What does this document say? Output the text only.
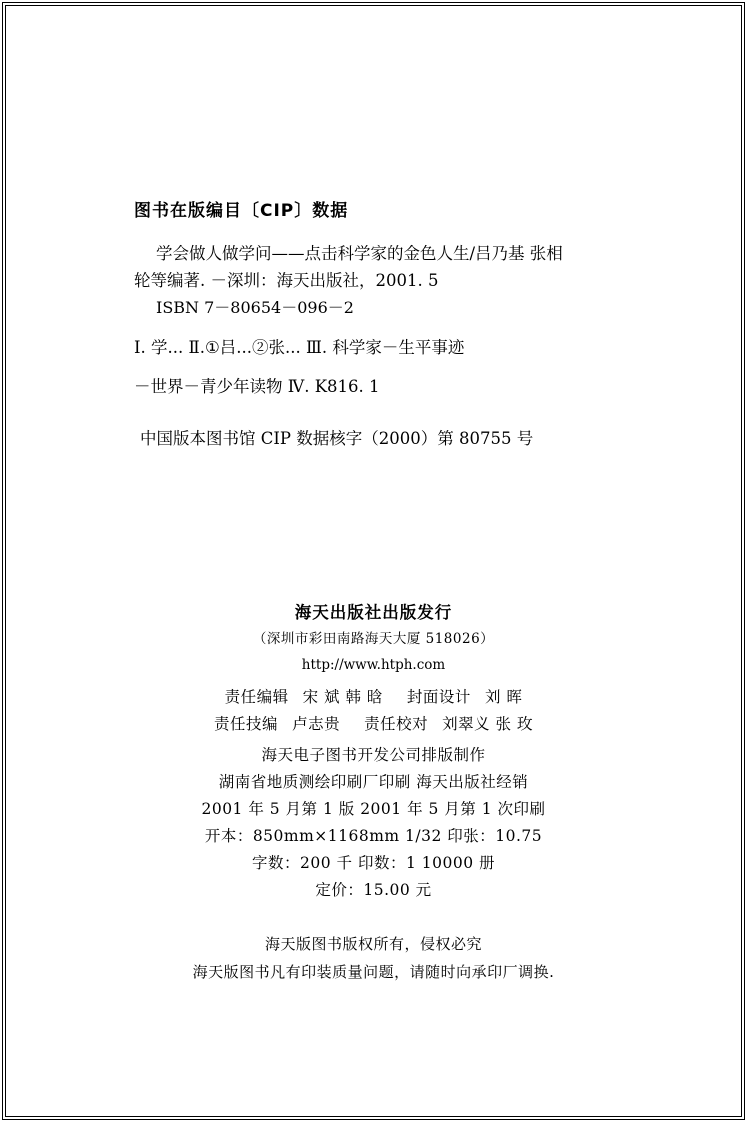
图书在版编目〔CIP〕数据
学会做人做学问——点击科学家的金色人生/吕乃基 张相
轮等编著. －深圳：海天出版社，2001. 5
ISBN 7－80654－096－2
Ⅰ. 学... Ⅱ.①吕...②张... Ⅲ. 科学家－生平事迹
－世界－青少年读物 Ⅳ. K816. 1
中国版本图书馆 CIP 数据核字（2000）第 80755 号
海天出版社出版发行
（深圳市彩田南路海天大厦 518026）
http://www.htph.com
责任编辑 宋 斌 韩 晗 封面设计 刘 晖
责任技编 卢志贵 责任校对 刘翠义 张 玫
海天电子图书开发公司排版制作
湖南省地质测绘印刷厂印刷 海天出版社经销
2001 年 5 月第 1 版 2001 年 5 月第 1 次印刷
开本：850mm×1168mm 1/32 印张：10.75
字数：200 千 印数：1 10000 册
定价：15.00 元
海天版图书版权所有，侵权必究
海天版图书凡有印装质量问题，请随时向承印厂调换.
